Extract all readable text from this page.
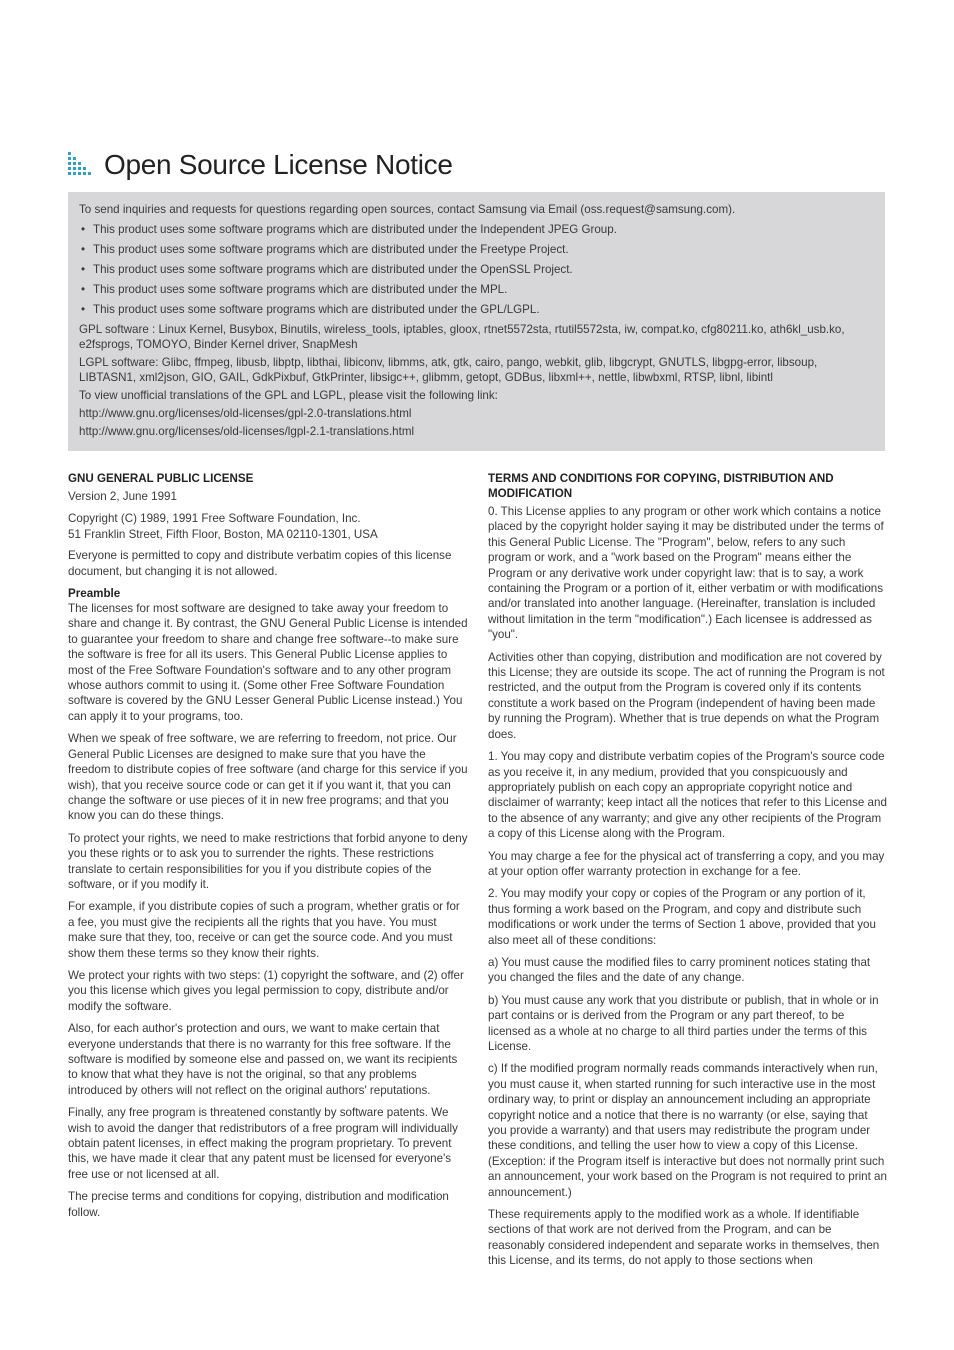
Open Source License Notice

To send inquiries and requests for questions regarding open sources, contact Samsung via Email (oss.request@samsung.com).

• This product uses some software programs which are distributed under the Independent JPEG Group.
• This product uses some software programs which are distributed under the Freetype Project.
• This product uses some software programs which are distributed under the OpenSSL Project.
• This product uses some software programs which are distributed under the MPL.
• This product uses some software programs which are distributed under the GPL/LGPL.

GPL software : Linux Kernel, Busybox, Binutils, wireless_tools, iptables, gloox, rtnet5572sta, rtutil5572sta, iw, compat.ko, cfg80211.ko, ath6kl_usb.ko, e2fsprogs, TOMOYO, Binder Kernel driver, SnapMesh

LGPL software: Glibc, ffmpeg, libusb, libptp, libthai, libiconv, libmms, atk, gtk, cairo, pango, webkit, glib, libgcrypt, GNUTLS, libgpg-error, libsoup, LIBTASN1, xml2json, GIO, GAIL, GdkPixbuf, GtkPrinter, libsigc++, glibmm, getopt, GDBus, libxml++, nettle, libwbxml, RTSP, libnl, libintl

To view unofficial translations of the GPL and LGPL, please visit the following link:

http://www.gnu.org/licenses/old-licenses/gpl-2.0-translations.html

http://www.gnu.org/licenses/old-licenses/lgpl-2.1-translations.html

GNU GENERAL PUBLIC LICENSE

Version 2, June 1991

Copyright (C) 1989, 1991 Free Software Foundation, Inc.
51 Franklin Street, Fifth Floor, Boston, MA 02110-1301, USA

Everyone is permitted to copy and distribute verbatim copies of this license document, but changing it is not allowed.

Preamble

The licenses for most software are designed to take away your freedom to share and change it. By contrast, the GNU General Public License is intended to guarantee your freedom to share and change free software--to make sure the software is free for all its users. This General Public License applies to most of the Free Software Foundation's software and to any other program whose authors commit to using it. (Some other Free Software Foundation software is covered by the GNU Lesser General Public License instead.) You can apply it to your programs, too.

When we speak of free software, we are referring to freedom, not price. Our General Public Licenses are designed to make sure that you have the freedom to distribute copies of free software (and charge for this service if you wish), that you receive source code or can get it if you want it, that you can change the software or use pieces of it in new free programs; and that you know you can do these things.

To protect your rights, we need to make restrictions that forbid anyone to deny you these rights or to ask you to surrender the rights. These restrictions translate to certain responsibilities for you if you distribute copies of the software, or if you modify it.

For example, if you distribute copies of such a program, whether gratis or for a fee, you must give the recipients all the rights that you have. You must make sure that they, too, receive or can get the source code. And you must show them these terms so they know their rights.

We protect your rights with two steps: (1) copyright the software, and (2) offer you this license which gives you legal permission to copy, distribute and/or modify the software.

Also, for each author's protection and ours, we want to make certain that everyone understands that there is no warranty for this free software. If the software is modified by someone else and passed on, we want its recipients to know that what they have is not the original, so that any problems introduced by others will not reflect on the original authors' reputations.

Finally, any free program is threatened constantly by software patents. We wish to avoid the danger that redistributors of a free program will individually obtain patent licenses, in effect making the program proprietary. To prevent this, we have made it clear that any patent must be licensed for everyone's free use or not licensed at all.

The precise terms and conditions for copying, distribution and modification follow.

TERMS AND CONDITIONS FOR COPYING, DISTRIBUTION AND MODIFICATION

0. This License applies to any program or other work which contains a notice placed by the copyright holder saying it may be distributed under the terms of this General Public License. The "Program", below, refers to any such program or work, and a "work based on the Program" means either the Program or any derivative work under copyright law: that is to say, a work containing the Program or a portion of it, either verbatim or with modifications and/or translated into another language. (Hereinafter, translation is included without limitation in the term "modification".) Each licensee is addressed as "you".

Activities other than copying, distribution and modification are not covered by this License; they are outside its scope. The act of running the Program is not restricted, and the output from the Program is covered only if its contents constitute a work based on the Program (independent of having been made by running the Program). Whether that is true depends on what the Program does.

1. You may copy and distribute verbatim copies of the Program's source code as you receive it, in any medium, provided that you conspicuously and appropriately publish on each copy an appropriate copyright notice and disclaimer of warranty; keep intact all the notices that refer to this License and to the absence of any warranty; and give any other recipients of the Program a copy of this License along with the Program.

You may charge a fee for the physical act of transferring a copy, and you may at your option offer warranty protection in exchange for a fee.

2. You may modify your copy or copies of the Program or any portion of it, thus forming a work based on the Program, and copy and distribute such modifications or work under the terms of Section 1 above, provided that you also meet all of these conditions:

a) You must cause the modified files to carry prominent notices stating that you changed the files and the date of any change.

b) You must cause any work that you distribute or publish, that in whole or in part contains or is derived from the Program or any part thereof, to be licensed as a whole at no charge to all third parties under the terms of this License.

c) If the modified program normally reads commands interactively when run, you must cause it, when started running for such interactive use in the most ordinary way, to print or display an announcement including an appropriate copyright notice and a notice that there is no warranty (or else, saying that you provide a warranty) and that users may redistribute the program under these conditions, and telling the user how to view a copy of this License. (Exception: if the Program itself is interactive but does not normally print such an announcement, your work based on the Program is not required to print an announcement.)

These requirements apply to the modified work as a whole. If identifiable sections of that work are not derived from the Program, and can be reasonably considered independent and separate works in themselves, then this License, and its terms, do not apply to those sections when
